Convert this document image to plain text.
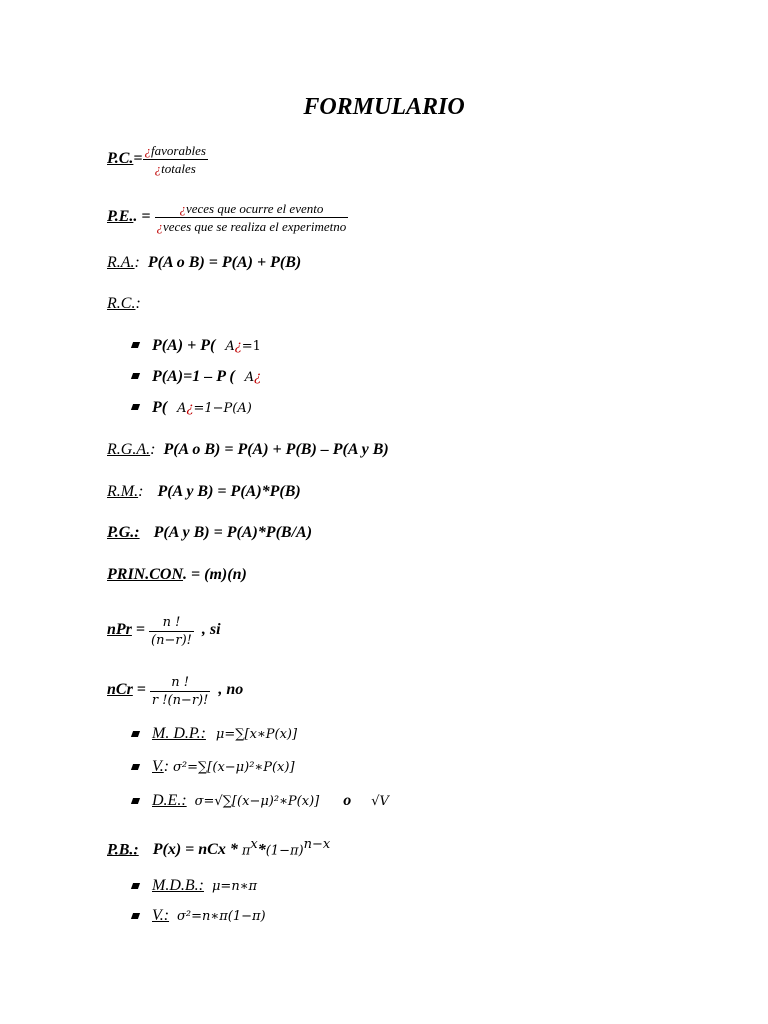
FORMULARIO
$P.C.= \frac{\text{¿favorables}}{\text{¿totales}}$
P.E.. = $\frac{\text{¿veces que ocurre el evento}}{\text{¿veces que se realiza el experimetno}}$
R.A.: P(A o B) = P(A) + P(B)
R.C.:
P(A) + P( A¿=1
P(A)=1 – P ( A¿
P( A¿=1−P(A)
R.G.A.: P(A o B) = P(A) + P(B) – P(A y B)
R.M.: P(A y B) = P(A)*P(B)
P.G.: P(A y B) = P(A)*P(B/A)
PRIN.CON. = (m)(n)
nPr = $\frac{n !}{(n-r)!}$ , si
nCr = $\frac{n !}{r !(n-r)!}$ , no
M. D.P.: μ=∑[x∗P(x)]
V.: σ²=∑[(x−μ)²∗P(x)]
D.E.: σ=√∑[(x−μ)²∗P(x)] o √V
P.B.: P(x) = nCx * $\pi^x*(1-\pi)^{n-x}$
M.D.B.: μ=n∗π
V.: σ²=n∗π(1−π)
